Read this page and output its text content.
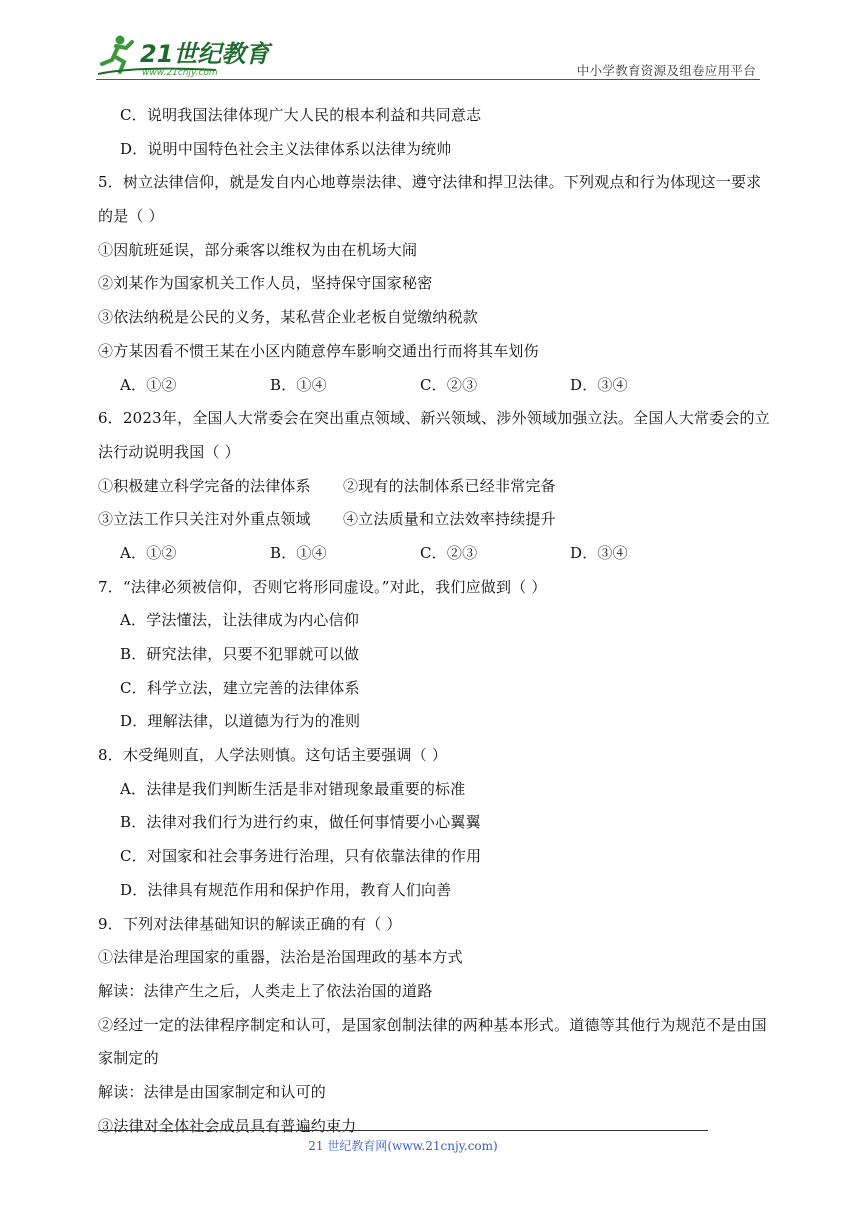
21世纪教育
www.21cnjy.com	中小学教育资源及组卷应用平台
C．说明我国法律体现广大人民的根本利益和共同意志
D．说明中国特色社会主义法律体系以法律为统帅
5．树立法律信仰，就是发自内心地尊崇法律、遵守法律和捍卫法律。下列观点和行为体现这一要求
的是（ ）
①因航班延误，部分乘客以维权为由在机场大闹
②刘某作为国家机关工作人员，坚持保守国家秘密
③依法纳税是公民的义务，某私营企业老板自觉缴纳税款
④方某因看不惯王某在小区内随意停车影响交通出行而将其车划伤
A．①②	B．①④	C．②③	D．③④
6．2023年，全国人大常委会在突出重点领域、新兴领域、涉外领域加强立法。全国人大常委会的立
法行动说明我国（ ）
①积极建立科学完备的法律体系	②现有的法制体系已经非常完备
③立法工作只关注对外重点领域	④立法质量和立法效率持续提升
A．①②	B．①④	C．②③	D．③④
7．“法律必须被信仰，否则它将形同虚设。”对此，我们应做到（ ）
A．学法懂法，让法律成为内心信仰
B．研究法律，只要不犯罪就可以做
C．科学立法，建立完善的法律体系
D．理解法律，以道德为行为的准则
8．木受绳则直，人学法则慎。这句话主要强调（ ）
A．法律是我们判断生活是非对错现象最重要的标准
B．法律对我们行为进行约束，做任何事情要小心翼翼
C．对国家和社会事务进行治理，只有依靠法律的作用
D．法律具有规范作用和保护作用，教育人们向善
9．下列对法律基础知识的解读正确的有（ ）
①法律是治理国家的重器，法治是治国理政的基本方式
解读：法律产生之后，人类走上了依法治国的道路
②经过一定的法律程序制定和认可，是国家创制法律的两种基本形式。道德等其他行为规范不是由国
家制定的
解读：法律是由国家制定和认可的
③法律对全体社会成员具有普遍约束力
21 世纪教育网(www.21cnjy.com)
